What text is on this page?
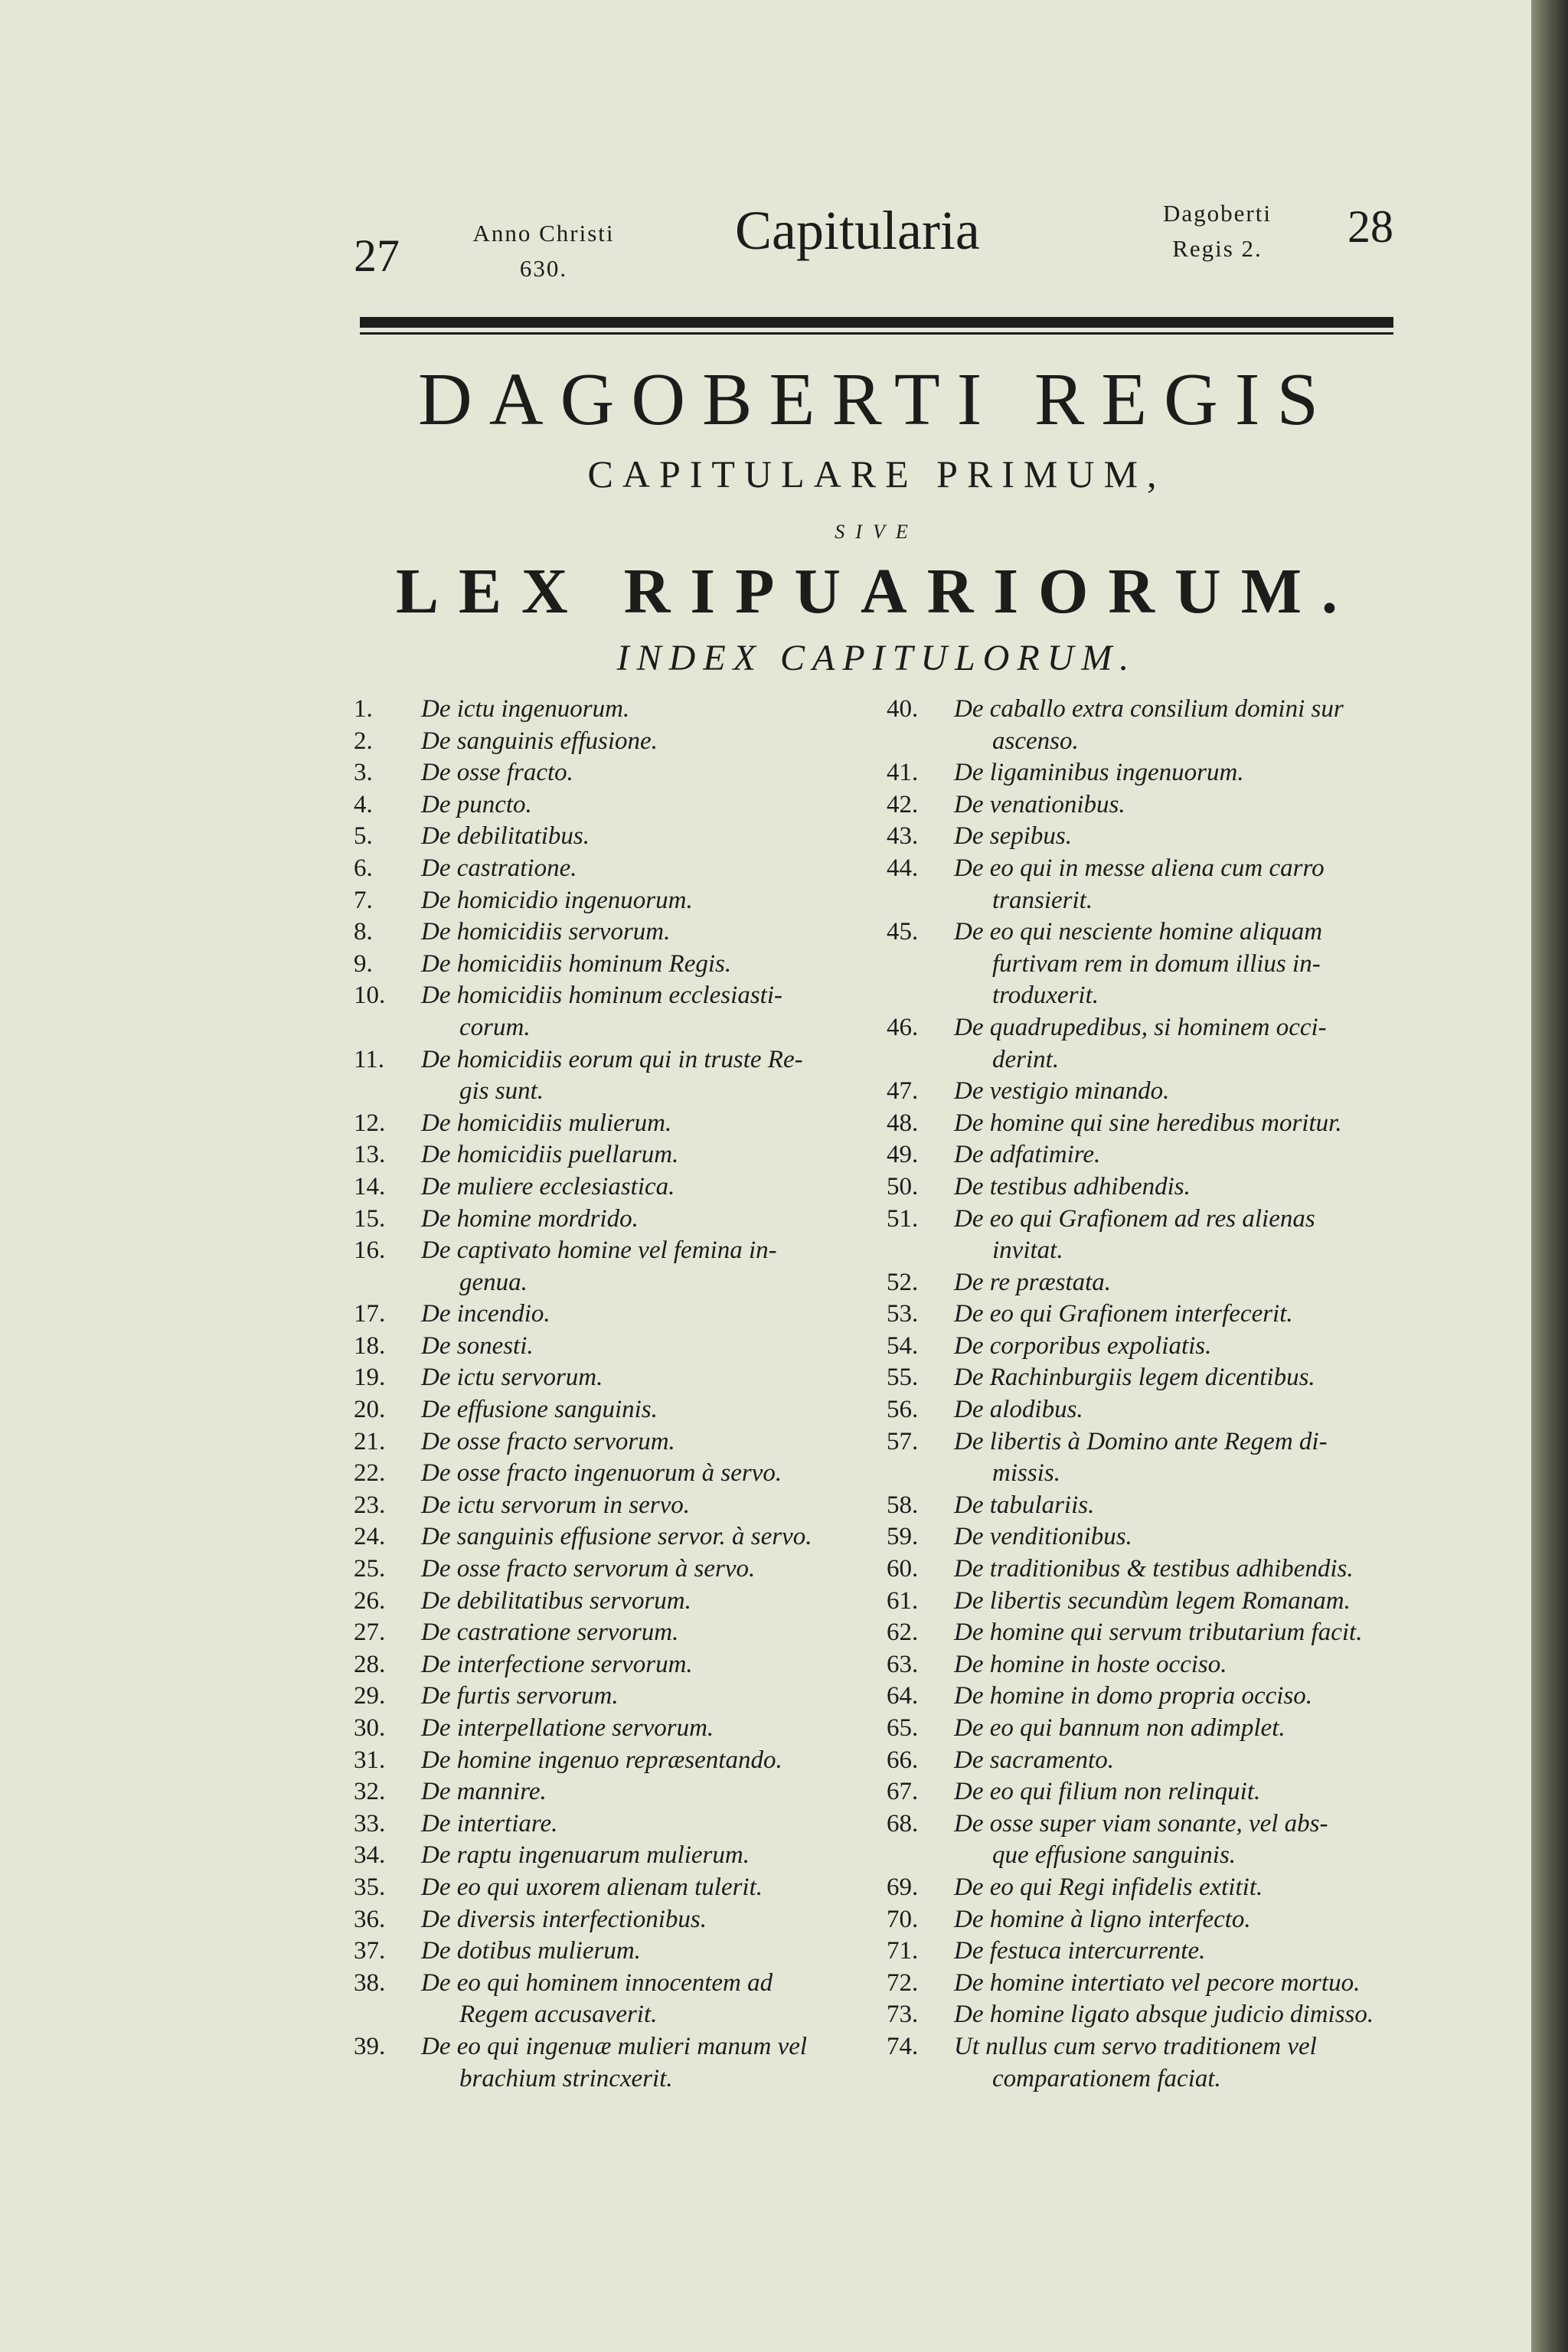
27	Anno Christi
630.
Capitularia	Dagoberti
Regis 2.	28
DAGOBERTI REGIS
CAPITULARE PRIMUM,
SIVE
LEX RIPUARIORUM.
INDEX CAPITULORUM.
1.	De ictu ingenuorum.
2.	De sanguinis effusione.
3.	De osse fracto.
4.	De puncto.
5.	De debilitatibus.
6.	De castratione.
7.	De homicidio ingenuorum.
8.	De homicidiis servorum.
9.	De homicidiis hominum Regis.
10.	De homicidiis hominum ecclesiasti-
corum.
11.	De homicidiis eorum qui in truste Re-
gis sunt.
12.	De homicidiis mulierum.
13.	De homicidiis puellarum.
14.	De muliere ecclesiastica.
15.	De homine mordrido.
16.	De captivato homine vel femina in-
genua.
17.	De incendio.
18.	De sonesti.
19.	De ictu servorum.
20.	De effusione sanguinis.
21.	De osse fracto servorum.
22.	De osse fracto ingenuorum à servo.
23.	De ictu servorum in servo.
24.	De sanguinis effusione servor. à servo.
25.	De osse fracto servorum à servo.
26.	De debilitatibus servorum.
27.	De castratione servorum.
28.	De interfectione servorum.
29.	De furtis servorum.
30.	De interpellatione servorum.
31.	De homine ingenuo repræsentando.
32.	De mannire.
33.	De intertiare.
34.	De raptu ingenuarum mulierum.
35.	De eo qui uxorem alienam tulerit.
36.	De diversis interfectionibus.
37.	De dotibus mulierum.
38.	De eo qui hominem innocentem ad
Regem accusaverit.
39.	De eo qui ingenuæ mulieri manum vel
brachium strincxerit.
40.	De caballo extra consilium domini sur
ascenso.
41.	De ligaminibus ingenuorum.
42.	De venationibus.
43.	De sepibus.
44.	De eo qui in messe aliena cum carro
transierit.
45.	De eo qui nesciente homine aliquam
furtivam rem in domum illius in-
troduxerit.
46.	De quadrupedibus, si hominem occi-
derint.
47.	De vestigio minando.
48.	De homine qui sine heredibus moritur.
49.	De adfatimire.
50.	De testibus adhibendis.
51.	De eo qui Grafionem ad res alienas
invitat.
52.	De re præstata.
53.	De eo qui Grafionem interfecerit.
54.	De corporibus expoliatis.
55.	De Rachinburgiis legem dicentibus.
56.	De alodibus.
57.	De libertis à Domino ante Regem di-
missis.
58.	De tabulariis.
59.	De venditionibus.
60.	De traditionibus & testibus adhibendis.
61.	De libertis secundùm legem Romanam.
62.	De homine qui servum tributarium facit.
63.	De homine in hoste occiso.
64.	De homine in domo propria occiso.
65.	De eo qui bannum non adimplet.
66.	De sacramento.
67.	De eo qui filium non relinquit.
68.	De osse super viam sonante, vel abs-
que effusione sanguinis.
69.	De eo qui Regi infidelis extitit.
70.	De homine à ligno interfecto.
71.	De festuca intercurrente.
72.	De homine intertiato vel pecore mortuo.
73.	De homine ligato absque judicio dimisso.
74.	Ut nullus cum servo traditionem vel
comparationem faciat.
